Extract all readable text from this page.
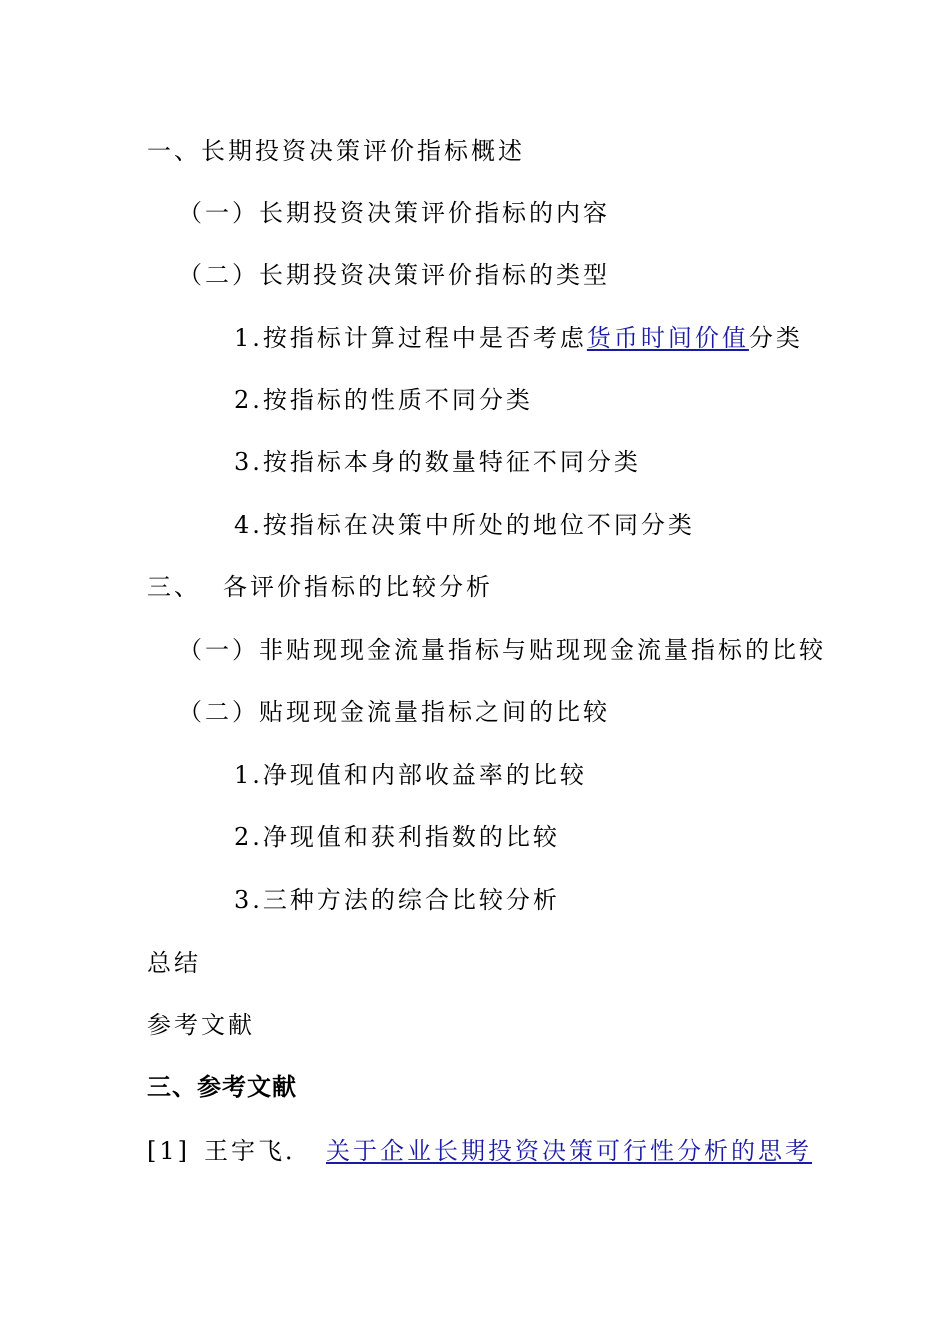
一、长期投资决策评价指标概述
（一）长期投资决策评价指标的内容
（二）长期投资决策评价指标的类型
1.按指标计算过程中是否考虑货币时间价值分类
2.按指标的性质不同分类
3.按指标本身的数量特征不同分类
4.按指标在决策中所处的地位不同分类
三、 各评价指标的比较分析
（一）非贴现现金流量指标与贴现现金流量指标的比较
（二）贴现现金流量指标之间的比较
1.净现值和内部收益率的比较
2.净现值和获利指数的比较
3.三种方法的综合比较分析
总结
参考文献
三、参考文献
[1] 王宇飞． 关于企业长期投资决策可行性分析的思考
